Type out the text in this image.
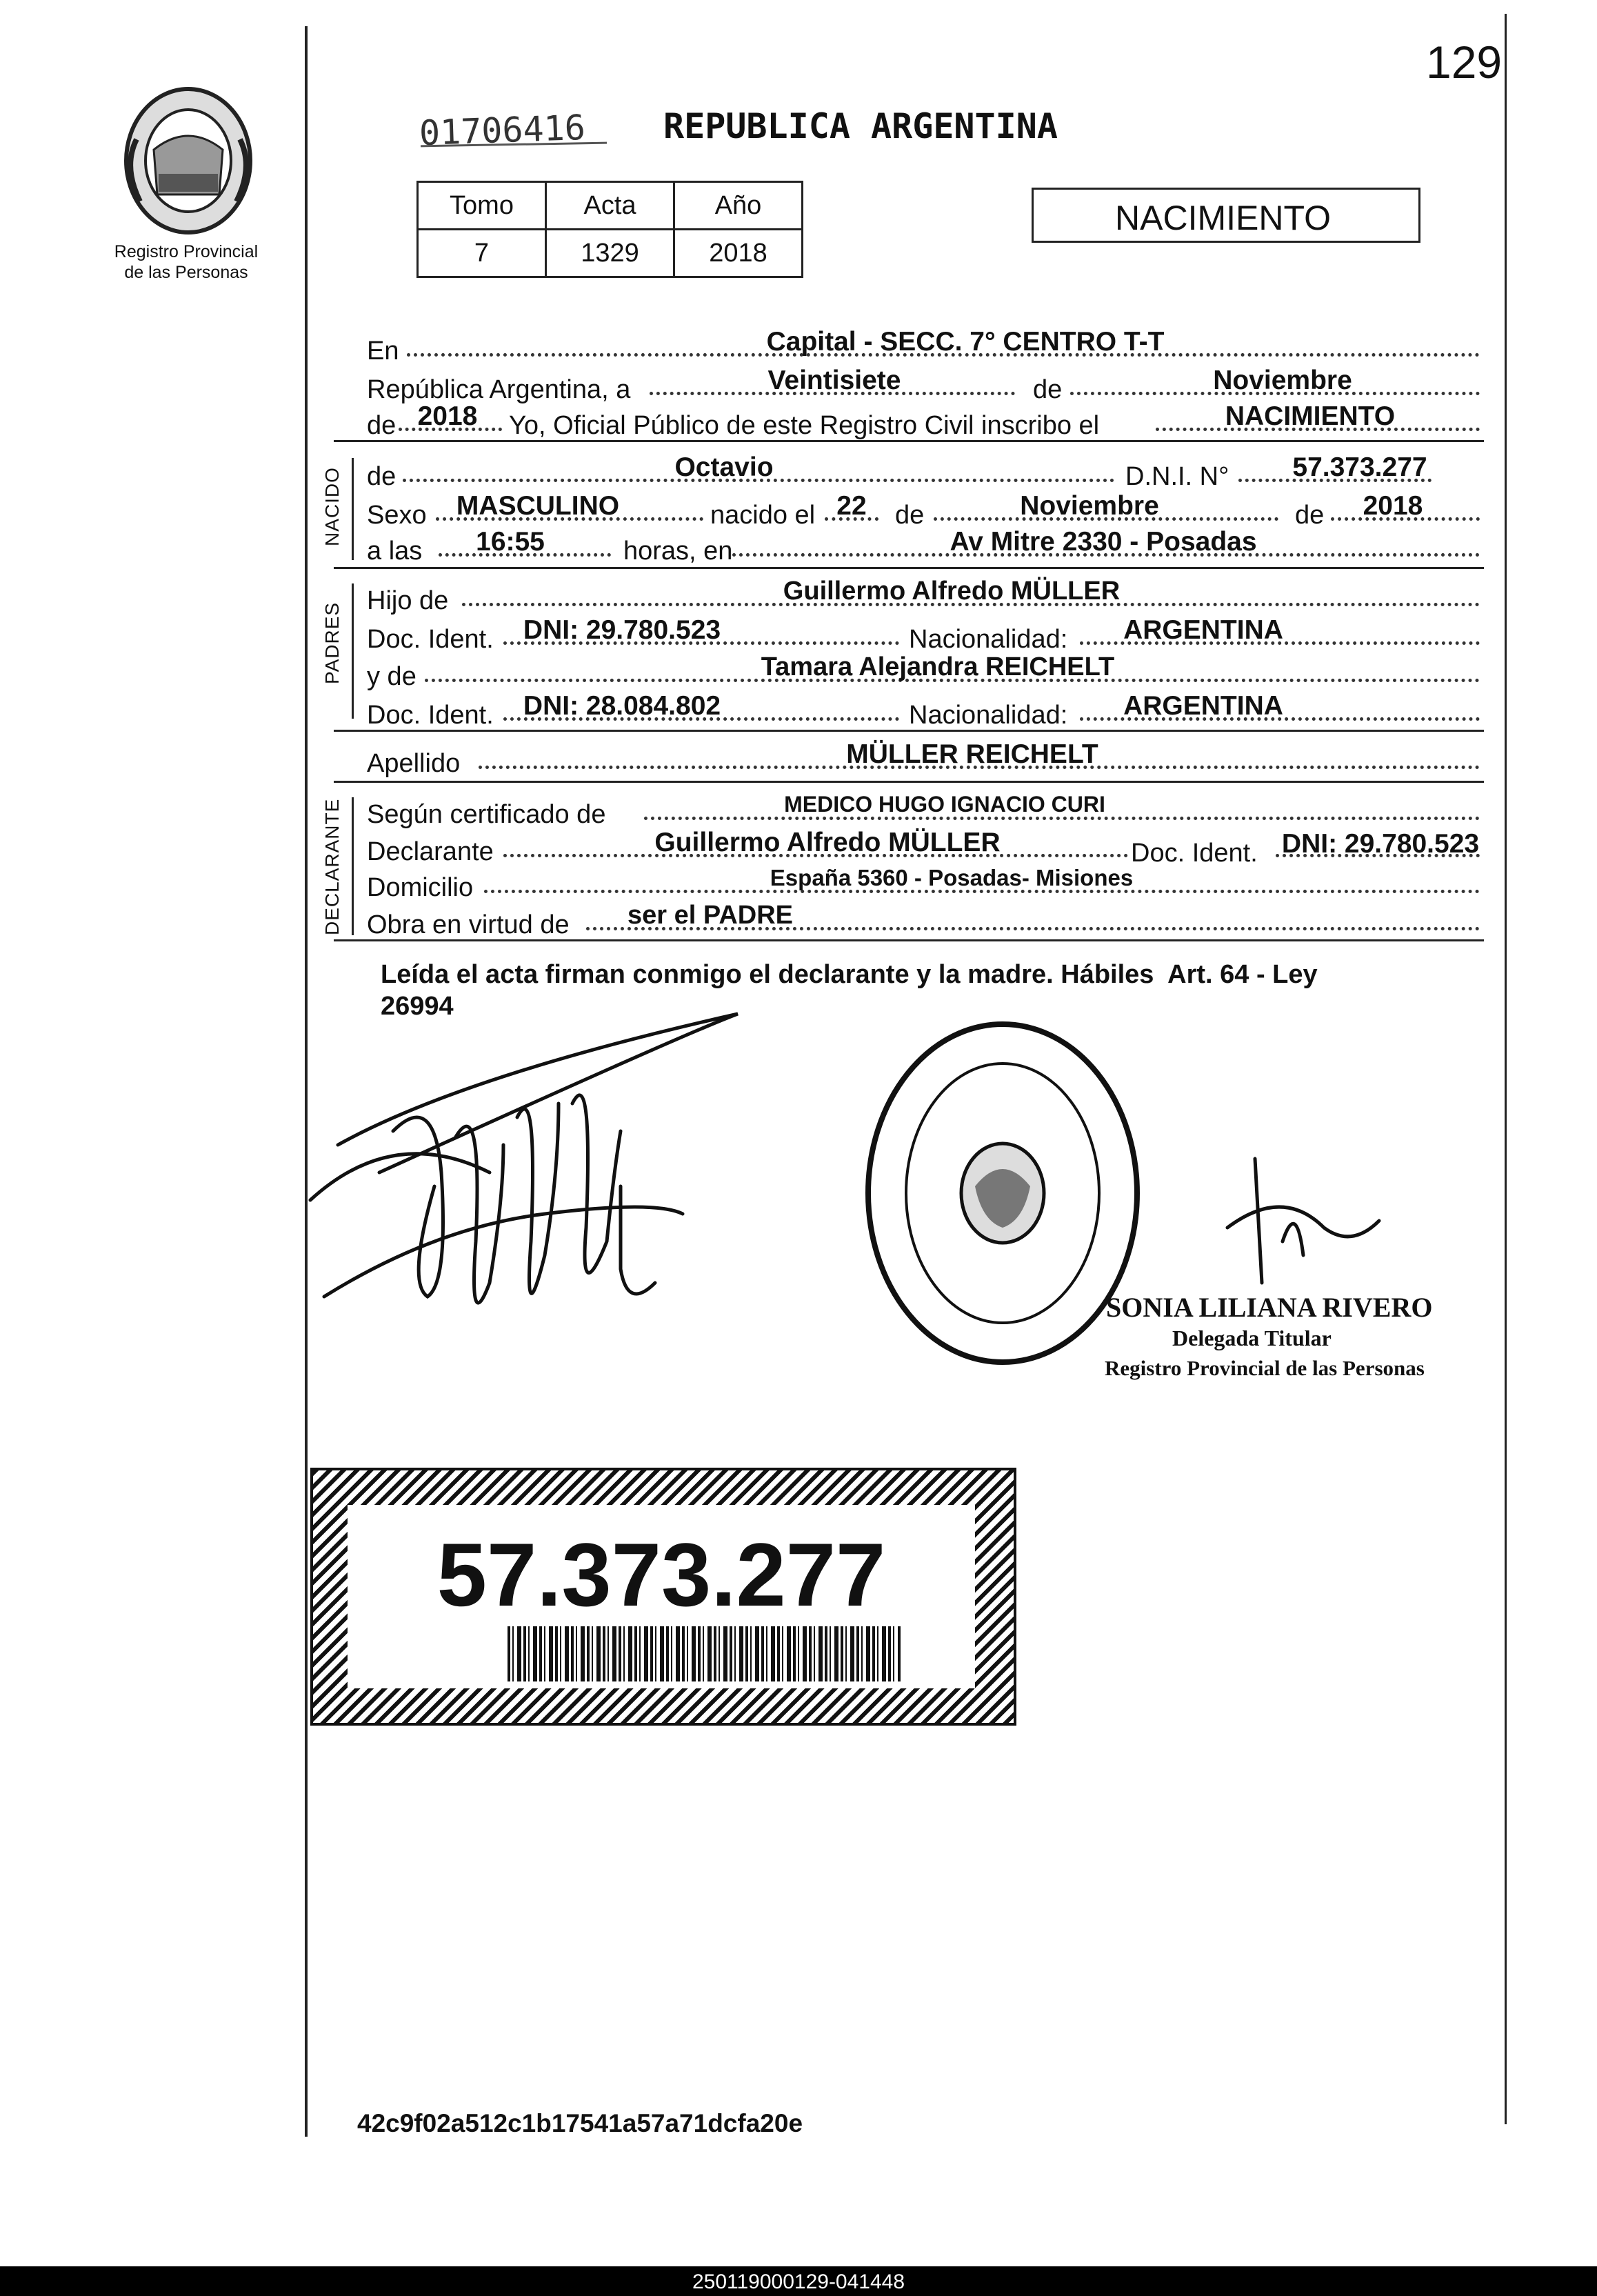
129
Registro Provincial de las Personas
01706416 REPUBLICA ARGENTINA
NACIMIENTO
Tomo	Acta	Año
7	1329	2018
En	Capital - SECC. 7° CENTRO T-T
República Argentina, a	Veintisiete	de	Noviembre
de 2018	Yo, Oficial Público de este Registro Civil inscribo el	NACIMIENTO
NACIDO de	Octavio	D.N.I. N°	57.373.277
Sexo	MASCULINO	nacido el 22	de	Noviembre	de	2018
a las	16:55	horas, en	Av Mitre 2330 - Posadas
PADRES
Hijo de	Guillermo Alfredo MÜLLER
Doc. Ident.	DNI: 29.780.523	Nacionalidad:	ARGENTINA
y de	Tamara Alejandra REICHELT
Doc. Ident.	DNI: 28.084.802	Nacionalidad:	ARGENTINA
Apellido	MÜLLER REICHELT
DECLARANTE Según certificado de	MEDICO HUGO IGNACIO CURI
Declarante	Guillermo Alfredo MÜLLER	Doc. Ident. DNI: 29.780.523
Domicilio	España 5360 - Posadas- Misiones
Obra en virtud de	ser el PADRE
Leída el acta firman conmigo el declarante y la madre. Hábiles  Art. 64 - Ley
26994
SONIA LILIANA RIVERO
Delegada Titular
Registro Provincial de las Personas
57.373.277
42c9f02a512c1b17541a57a71dcfa20e
250119000129-041448
